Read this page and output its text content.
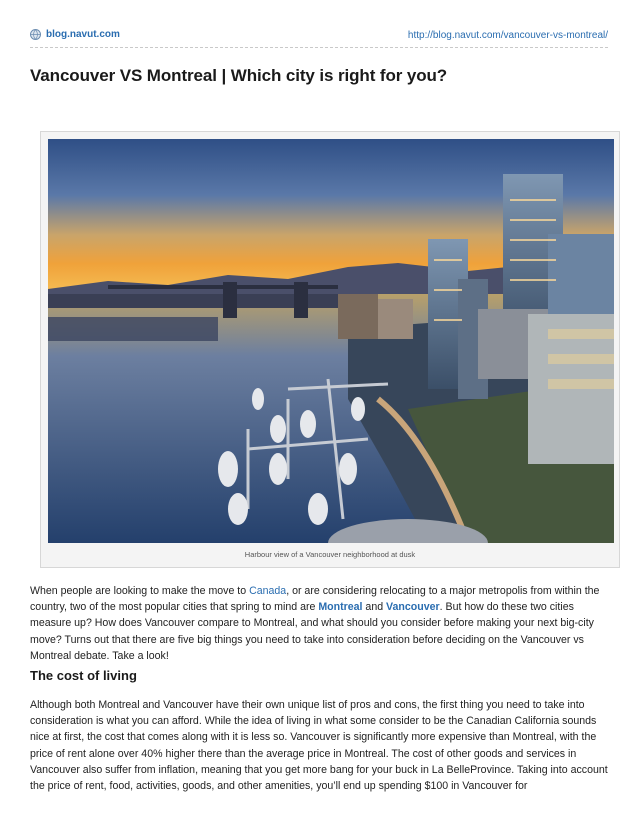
blog.navut.com	http://blog.navut.com/vancouver-vs-montreal/
Vancouver VS Montreal | Which city is right for you?
Harbour view of a Vancouver neighborhood at dusk

When people are looking to make the move to Canada, or are considering relocating to a major metropolis from within the country, two of the most popular cities that spring to mind are Montreal and Vancouver. But how do these two cities measure up? How does Vancouver compare to Montreal, and what should you consider before making your next big-city move? Turns out that there are five big things you need to take into consideration before deciding on the Vancouver vs Montreal debate. Take a look!

The cost of living

Although both Montreal and Vancouver have their own unique list of pros and cons, the first thing you need to take into consideration is what you can afford. While the idea of living in what some consider to be the Canadian California sounds nice at first, the cost that comes along with it is less so. Vancouver is significantly more expensive than Montreal, with the price of rent alone over 40% higher there than the average price in Montreal. The cost of other goods and services in Vancouver also suffer from inflation, meaning that you get more bang for your buck in La BelleProvince. Taking into account the price of rent, food, activities, goods, and other amenities, you’ll end up spending $100 in Vancouver for
